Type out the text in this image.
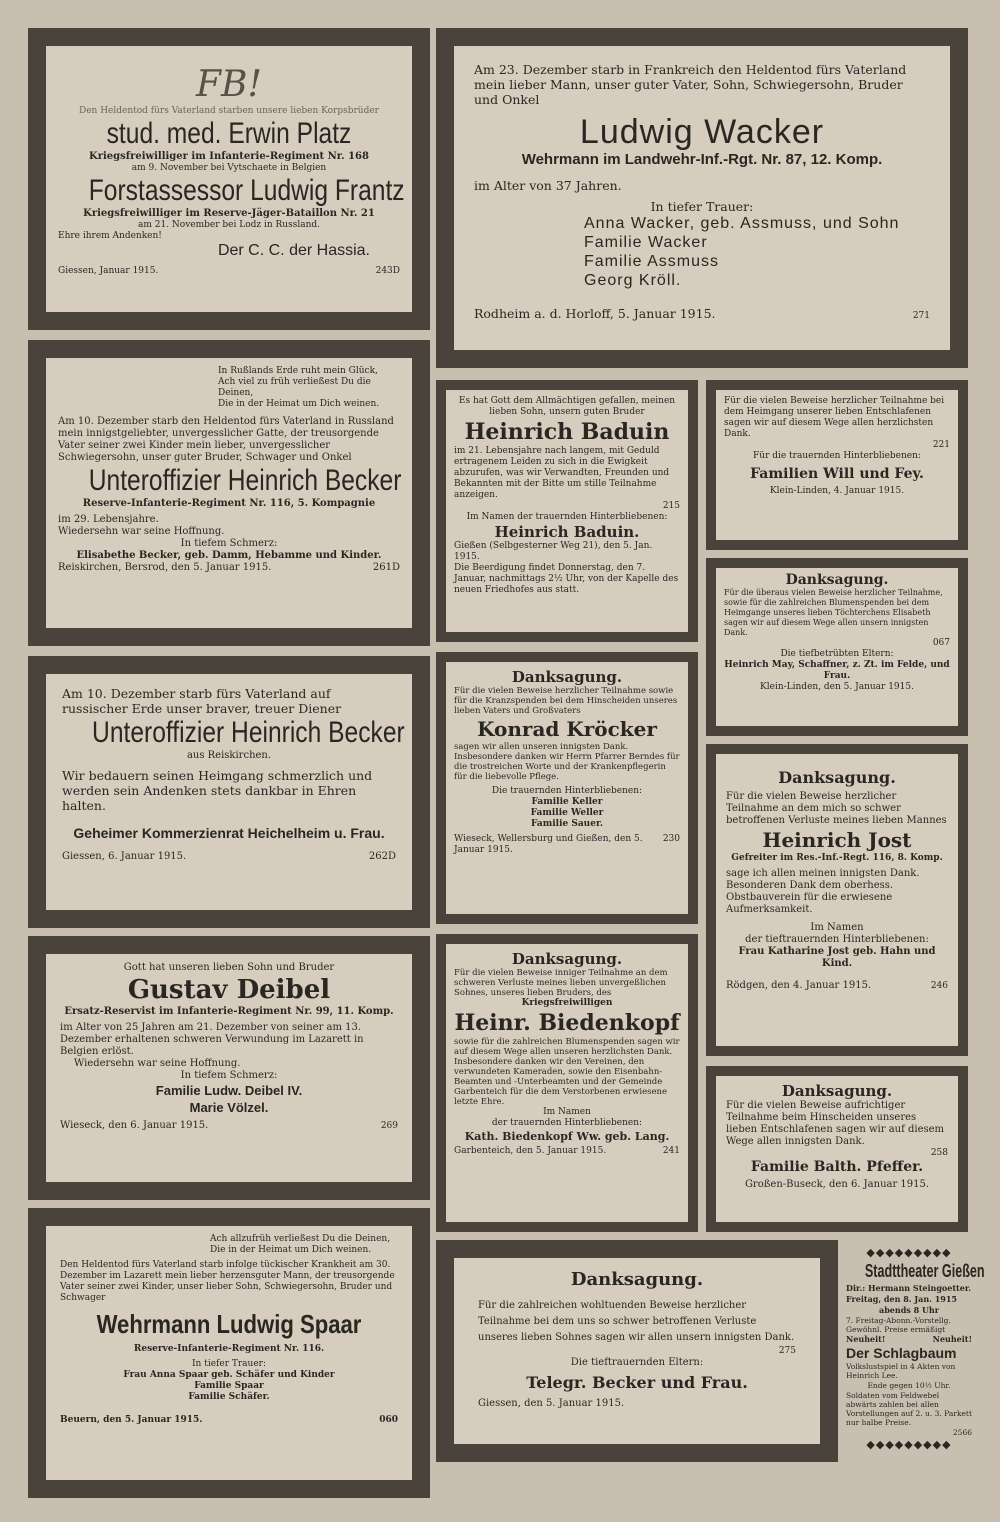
FB!

Den Heldentod fürs Vaterland starben unsere lieben Korpsbrüder

stud. med. Erwin Platz

Kriegsfreiwilliger im Infanterie-Regiment Nr. 168

am 9. November bei Vytschaete in Belgien

Forstassessor Ludwig Frantz

Kriegsfreiwilliger im Reserve-Jäger-Bataillon Nr. 21

am 21. November bei Lodz in Russland.

Ehre ihrem Andenken!

Der C. C. der Hassia.

Giessen, Januar 1915.	243D

Am 23. Dezember starb in Frankreich den Heldentod fürs Vaterland mein lieber Mann, unser guter Vater, Sohn, Schwiegersohn, Bruder und Onkel

Ludwig Wacker

Wehrmann im Landwehr-Inf.-Rgt. Nr. 87, 12. Komp.

im Alter von 37 Jahren.

In tiefer Trauer:

Anna Wacker, geb. Assmuss, und Sohn

Familie Wacker

Familie Assmuss

Georg Kröll.

Rodheim a. d. Horloff, 5. Januar 1915.	271

In Rußlands Erde ruht mein Glück,

Ach viel zu früh verließest Du die Deinen,

Die in der Heimat um Dich weinen.

Am 10. Dezember starb den Heldentod fürs Vaterland in Russland mein innigstgeliebter, unvergesslicher Gatte, der treusorgende Vater seiner zwei Kinder mein lieber, unvergesslicher Schwiegersohn, unser guter Bruder, Schwager und Onkel

Unteroffizier Heinrich Becker

Reserve-Infanterie-Regiment Nr. 116, 5. Kompagnie

im 29. Lebensjahre.

Wiedersehn war seine Hoffnung.

In tiefem Schmerz:

Elisabethe Becker, geb. Damm, Hebamme und Kinder.

Reiskirchen, Bersrod, den 5. Januar 1915.	261D

Es hat Gott dem Allmächtigen gefallen, meinen lieben Sohn, unsern guten Bruder

Heinrich Baduin

im 21. Lebensjahre nach langem, mit Geduld ertragenem Leiden zu sich in die Ewigkeit abzurufen, was wir Verwandten, Freunden und Bekannten mit der Bitte um stille Teilnahme anzeigen.

215

Im Namen der trauernden Hinterbliebenen:

Heinrich Baduin.

Gießen (Selbgesterner Weg 21), den 5. Jan. 1915.

Die Beerdigung findet Donnerstag, den 7. Januar, nachmittags 2½ Uhr, von der Kapelle des neuen Friedhofes aus statt.

Für die vielen Beweise herzlicher Teilnahme bei dem Heimgang unserer lieben Entschlafenen sagen wir auf diesem Wege allen herzlichsten Dank.

221

Für die trauernden Hinterbliebenen:

Familien Will und Fey.

Klein-Linden, 4. Januar 1915.

Danksagung.

Für die überaus vielen Beweise herzlicher Teilnahme, sowie für die zahlreichen Blumenspenden bei dem Heimgange unseres lieben Töchterchens Elisabeth sagen wir auf diesem Wege allen unsern innigsten Dank.

067

Die tiefbetrübten Eltern:

Heinrich May, Schaffner, z. Zt. im Felde, und Frau.

Klein-Linden, den 5. Januar 1915.

Am 10. Dezember starb fürs Vaterland auf russischer Erde unser braver, treuer Diener

Unteroffizier Heinrich Becker

aus Reiskirchen.

Wir bedauern seinen Heimgang schmerzlich und werden sein Andenken stets dankbar in Ehren halten.

Geheimer Kommerzienrat Heichelheim u. Frau.

Giessen, 6. Januar 1915.	262D

Danksagung.

Für die vielen Beweise herzlicher Teilnahme sowie für die Kranzspenden bei dem Hinscheiden unseres lieben Vaters und Großvaters

Konrad Kröcker

sagen wir allen unseren innigsten Dank. Insbesondere danken wir Herrn Pfarrer Berndes für die trostreichen Worte und der Krankenpflegerin für die liebevolle Pflege.

Die trauernden Hinterbliebenen:

Familie Keller

Familie Weller

Familie Sauer.

Wieseck, Wellersburg und Gießen, den 5. Januar 1915.
230

Danksagung.

Für die vielen Beweise herzlicher Teilnahme an dem mich so schwer betroffenen Verluste meines lieben Mannes

Heinrich Jost

Gefreiter im Res.-Inf.-Regt. 116, 8. Komp.

sage ich allen meinen innigsten Dank. Besonderen Dank dem oberhess. Obstbauverein für die erwiesene Aufmerksamkeit.

Im Namen

der tieftrauernden Hinterbliebenen:

Frau Katharine Jost geb. Hahn und Kind.

Rödgen, den 4. Januar 1915.	246

Gott hat unseren lieben Sohn und Bruder

Gustav Deibel

Ersatz-Reservist im Infanterie-Regiment Nr. 99, 11. Komp.

im Alter von 25 Jahren am 21. Dezember von seiner am 13. Dezember erhaltenen schweren Verwundung im Lazarett in Belgien erlöst.

Wiedersehn war seine Hoffnung.

In tiefem Schmerz:

Familie Ludw. Deibel IV.

Marie Völzel.

Wieseck, den 6. Januar 1915.	269

Danksagung.

Für die vielen Beweise inniger Teilnahme an dem schweren Verluste meines lieben unvergeßlichen Sohnes, unseres lieben Bruders, des

Kriegsfreiwilligen

Heinr. Biedenkopf

sowie für die zahlreichen Blumenspenden sagen wir auf diesem Wege allen unseren herzlichsten Dank.

Insbesondere danken wir den Vereinen, den verwundeten Kameraden, sowie den Eisenbahn-Beamten und -Unterbeamten und der Gemeinde Garbenteich für die dem Verstorbenen erwiesene letzte Ehre.

Im Namen

der trauernden Hinterbliebenen:

Kath. Biedenkopf Ww. geb. Lang.

Garbenteich, den 5. Januar 1915.	241

Danksagung.

Für die vielen Beweise aufrichtiger Teilnahme beim Hinscheiden unseres lieben Entschlafenen sagen wir auf diesem Wege allen innigsten Dank.

258

Familie Balth. Pfeffer.

Großen-Buseck, den 6. Januar 1915.

Ach allzufrüh verließest Du die Deinen,

Die in der Heimat um Dich weinen.

Den Heldentod fürs Vaterland starb infolge tückischer Krankheit am 30. Dezember im Lazarett mein lieber herzensguter Mann, der treusorgende Vater seiner zwei Kinder, unser lieber Sohn, Schwiegersohn, Bruder und Schwager

Wehrmann Ludwig Spaar

Reserve-Infanterie-Regiment Nr. 116.

In tiefer Trauer:

Frau Anna Spaar geb. Schäfer und Kinder

Familie Spaar

Familie Schäfer.

Beuern, den 5. Januar 1915.	060

Danksagung.

Für die zahlreichen wohltuenden Beweise herzlicher Teilnahme bei dem uns so schwer betroffenen Verluste unseres lieben Sohnes sagen wir allen unsern innigsten Dank.

275

Die tieftrauernden Eltern:

Telegr. Becker und Frau.

Giessen, den 5. Januar 1915.

◆◆◆◆◆◆◆◆◆

Stadttheater Gießen

Dir.: Hermann Steingoetter.

Freitag, den 8. Jan. 1915

abends 8 Uhr

7. Freitag-Abonn.-Vorstellg. Gewöhnl. Preise ermäßigt

Neuheit!	Neuheit!

Der Schlagbaum

Volkslustspiel in 4 Akten von Heinrich Lee.

Ende gegen 10½ Uhr.

Soldaten vom Feldwebel abwärts zahlen bei allen Vorstellungen auf 2. u. 3. Parkett nur halbe Preise.

2566

◆◆◆◆◆◆◆◆◆
